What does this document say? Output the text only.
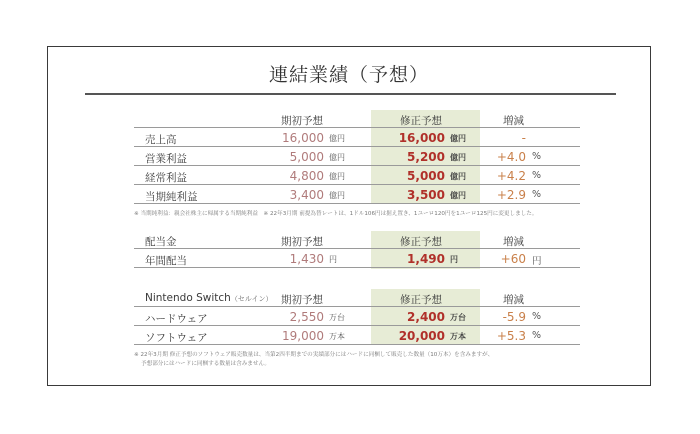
連結業績（予想）
期初予想	修正予想	増減
売上高	16,000 億円	16,000 億円	-
営業利益	5,000 億円	5,200 億円	+4.0 %
経常利益	4,800 億円	5,000 億円	+4.2 %
当期純利益	3,400 億円	3,500 億円	+2.9 %
※ 当期純利益：親会社株主に帰属する当期純利益　※ 22年3月期 前提為替レートは、1ドル106円は据え置き、1ユーロ120円を1ユーロ125円に変更しました。
配当金	期初予想	修正予想	増減
年間配当	1,430 円	1,490 円	+60 円
Nintendo Switch（セルイン） 期初予想	修正予想	増減
ハードウェア	2,550 万台	2,400 万台	-5.9 %
ソフトウェア	19,000 万本	20,000 万本	+5.3 %
※ 22年3月期 修正予想のソフトウェア販売数量は、当第2四半期までの実績部分にはハードに同梱して販売した数量（10万本）を含みますが、
予想部分にはハードに同梱する数量は含みません。
